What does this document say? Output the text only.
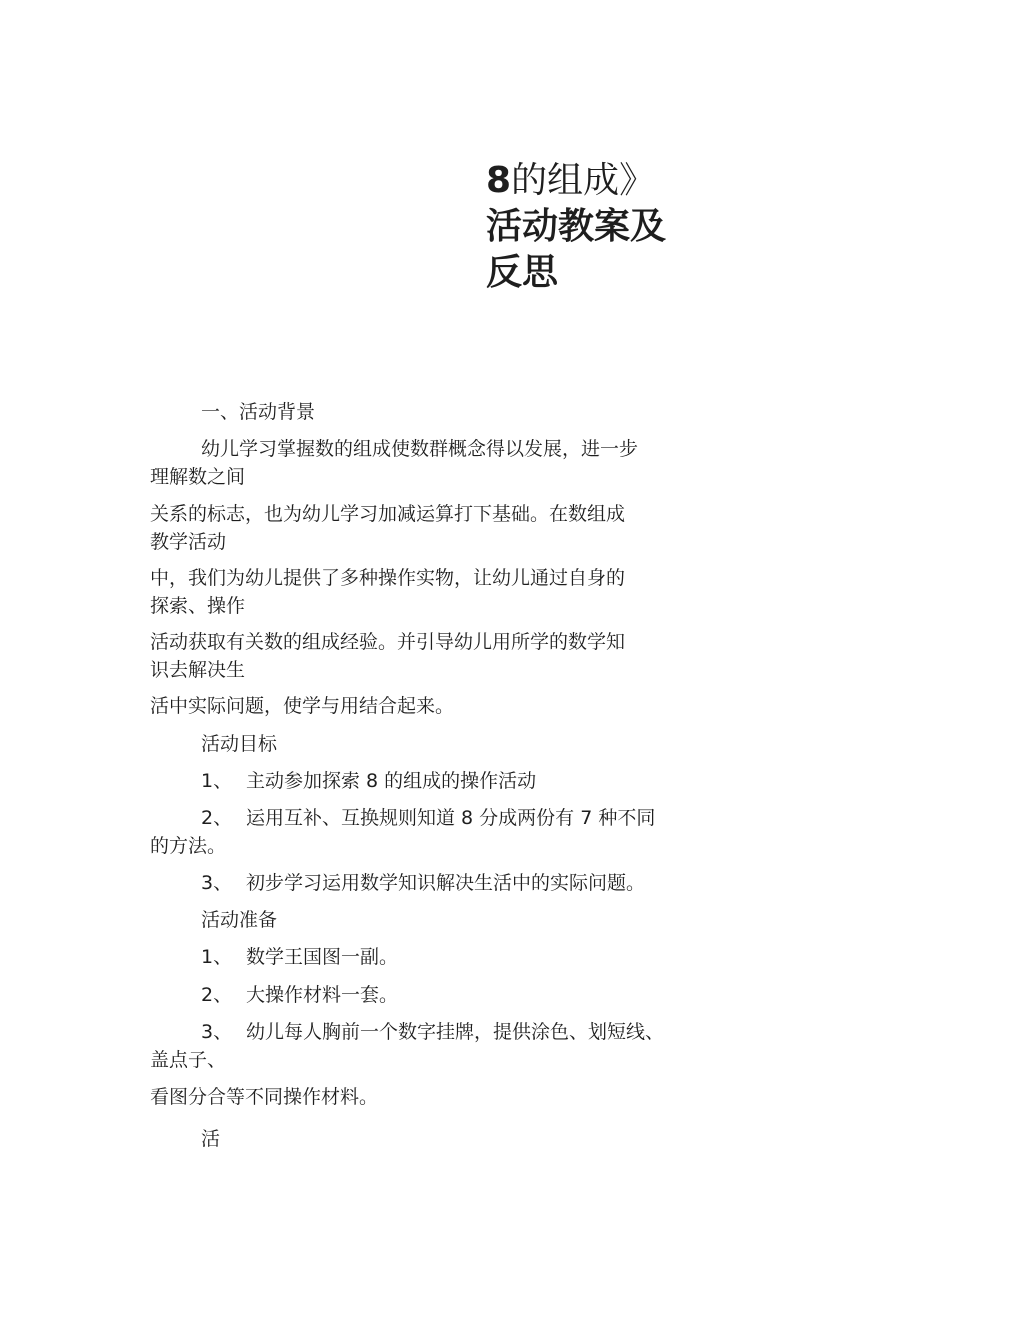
8的组成》
活动教案及
反思

一、活动背景

幼儿学习掌握数的组成使数群概念得以发展，进一步

理解数之间

关系的标志，也为幼儿学习加减运算打下基础。在数组成

教学活动

中，我们为幼儿提供了多种操作实物，让幼儿通过自身的

探索、操作

活动获取有关数的组成经验。并引导幼儿用所学的数学知

识去解决生

活中实际问题，使学与用结合起来。

活动目标

1、 主动参加探索 8 的组成的操作活动

2、 运用互补、互换规则知道 8 分成两份有 7 种不同

的方法。

3、 初步学习运用数学知识解决生活中的实际问题。

活动准备

1、 数学王国图一副。

2、 大操作材料一套。

3、 幼儿每人胸前一个数字挂牌，提供涂色、划短线、

盖点子、

看图分合等不同操作材料。

活
